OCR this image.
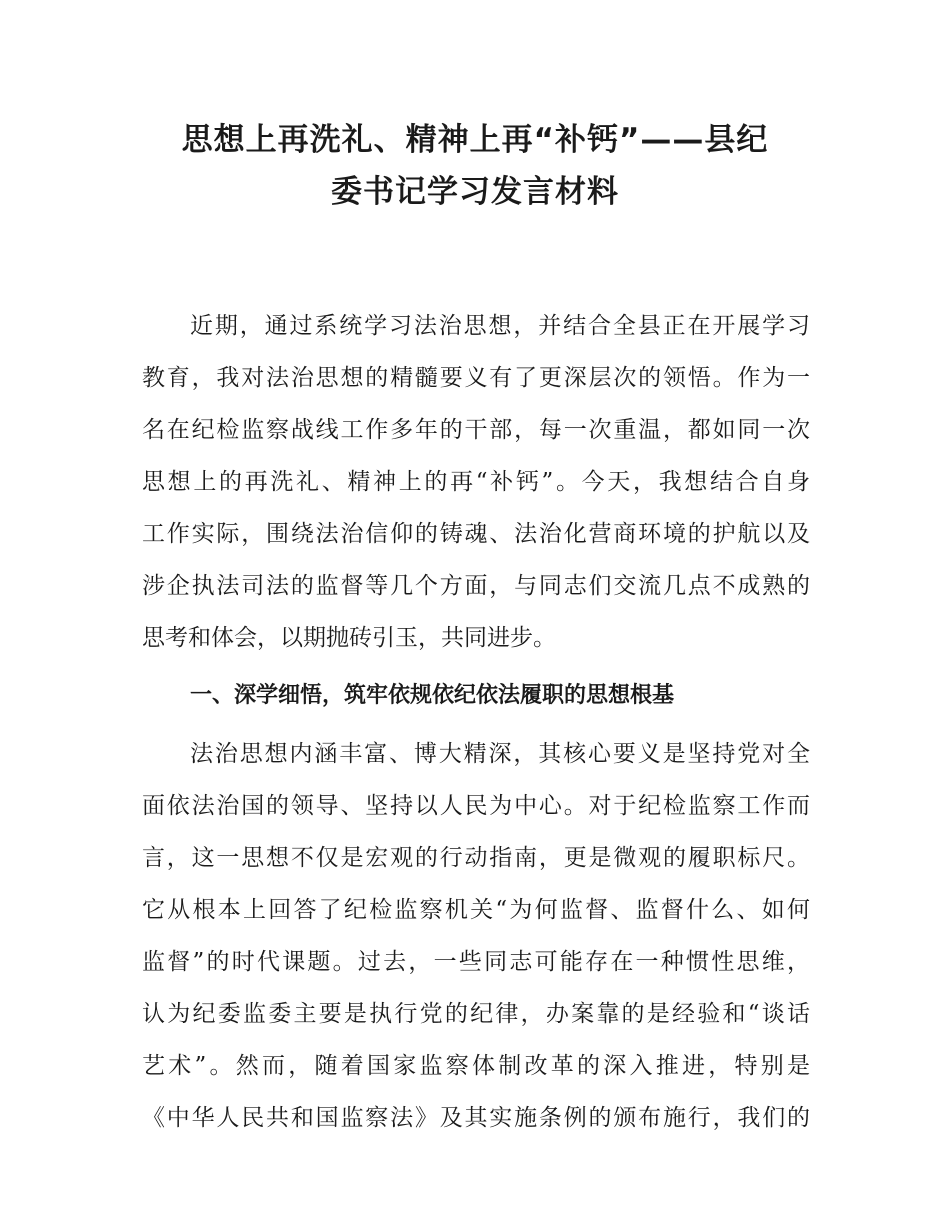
思想上再洗礼、精神上再“补钙”——县纪
委书记学习发言材料
近期，通过系统学习法治思想，并结合全县正在开展学习
教育，我对法治思想的精髓要义有了更深层次的领悟。作为一
名在纪检监察战线工作多年的干部，每一次重温，都如同一次
思想上的再洗礼、精神上的再“补钙”。今天，我想结合自身
工作实际，围绕法治信仰的铸魂、法治化营商环境的护航以及
涉企执法司法的监督等几个方面，与同志们交流几点不成熟的
思考和体会，以期抛砖引玉，共同进步。
一、深学细悟，筑牢依规依纪依法履职的思想根基
法治思想内涵丰富、博大精深，其核心要义是坚持党对全
面依法治国的领导、坚持以人民为中心。对于纪检监察工作而
言，这一思想不仅是宏观的行动指南，更是微观的履职标尺。
它从根本上回答了纪检监察机关“为何监督、监督什么、如何
监督”的时代课题。过去，一些同志可能存在一种惯性思维，
认为纪委监委主要是执行党的纪律，办案靠的是经验和“谈话
艺术”。然而，随着国家监察体制改革的深入推进，特别是
《中华人民共和国监察法》及其实施条例的颁布施行，我们的
